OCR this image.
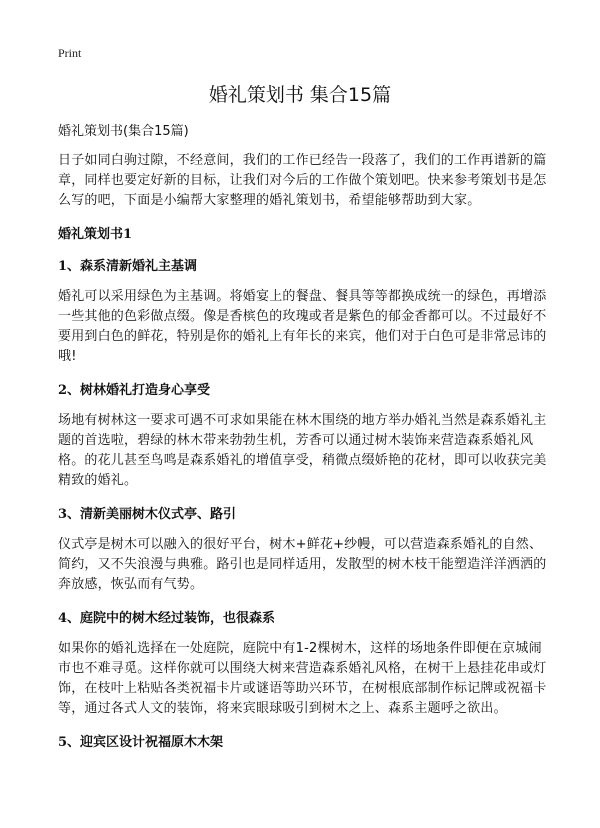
Print
婚礼策划书 集合15篇

婚礼策划书(集合15篇)

日子如同白驹过隙，不经意间，我们的工作已经告一段落了，我们的工作再谱新的篇章，同样也要定好新的目标，让我们对今后的工作做个策划吧。快来参考策划书是怎么写的吧，下面是小编帮大家整理的婚礼策划书，希望能够帮助到大家。

婚礼策划书1
1、森系清新婚礼主基调

婚礼可以采用绿色为主基调。将婚宴上的餐盘、餐具等等都换成统一的绿色，再增添一些其他的色彩做点缀。像是香槟色的玫瑰或者是紫色的郁金香都可以。不过最好不要用到白色的鲜花，特别是你的婚礼上有年长的来宾，他们对于白色可是非常忌讳的哦!

2、树林婚礼打造身心享受

场地有树林这一要求可遇不可求如果能在林木围绕的地方举办婚礼当然是森系婚礼主题的首选啦，碧绿的林木带来勃勃生机，芳香可以通过树木装饰来营造森系婚礼风格。的花儿甚至鸟鸣是森系婚礼的增值享受，稍微点缀娇艳的花材，即可以收获完美精致的婚礼。

3、清新美丽树木仪式亭、路引

仪式亭是树木可以融入的很好平台，树木+鲜花+纱幔，可以营造森系婚礼的自然、简约，又不失浪漫与典雅。路引也是同样适用，发散型的树木枝干能塑造洋洋洒洒的奔放感，恢弘而有气势。

4、庭院中的树木经过装饰，也很森系

如果你的婚礼选择在一处庭院，庭院中有1-2棵树木，这样的场地条件即便在京城闹市也不难寻觅。这样你就可以围绕大树来营造森系婚礼风格，在树干上悬挂花串或灯饰，在枝叶上粘贴各类祝福卡片或谜语等助兴环节，在树根底部制作标记牌或祝福卡等，通过各式人文的装饰，将来宾眼球吸引到树木之上、森系主题呼之欲出。

5、迎宾区设计祝福原木木架
